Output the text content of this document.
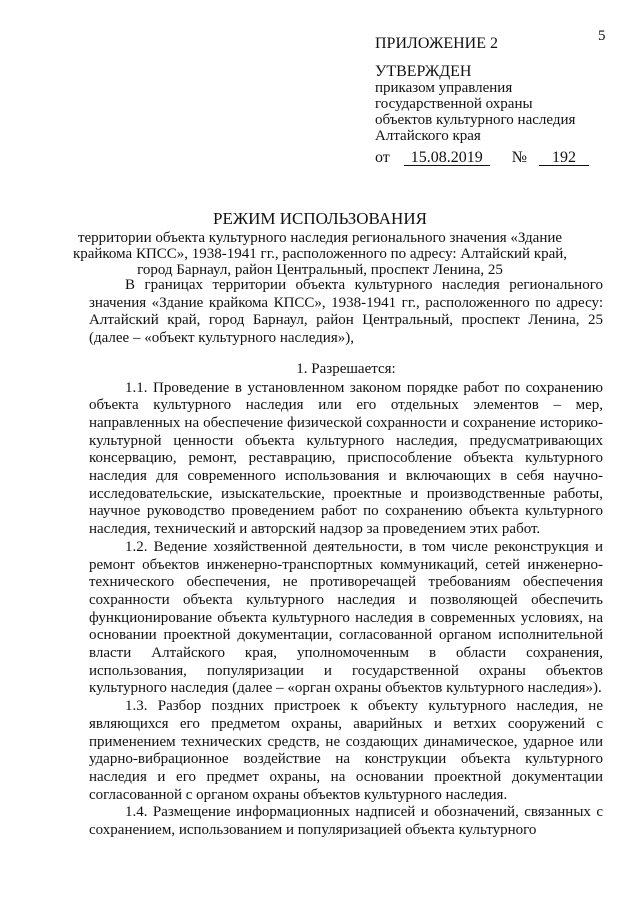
5
ПРИЛОЖЕНИЕ 2
УТВЕРЖДЕН
приказом управления
государственной охраны
объектов культурного наследия
Алтайского края
от 15.08.2019 № 192
РЕЖИМ ИСПОЛЬЗОВАНИЯ
территории объекта культурного наследия регионального значения «Здание крайкома КПСС», 1938-1941 гг., расположенного по адресу: Алтайский край, город Барнаул, район Центральный, проспект Ленина, 25

В границах территории объекта культурного наследия регионального значения «Здание крайкома КПСС», 1938-1941 гг., расположенного по адресу: Алтайский край, город Барнаул, район Центральный, проспект Ленина, 25 (далее – «объект культурного наследия»),

1. Разрешается:

1.1. Проведение в установленном законом порядке работ по сохранению объекта культурного наследия или его отдельных элементов – мер, направленных на обеспечение физической сохранности и сохранение историко-культурной ценности объекта культурного наследия, предусматривающих консервацию, ремонт, реставрацию, приспособление объекта культурного наследия для современного использования и включающих в себя научно-исследовательские, изыскательские, проектные и производственные работы, научное руководство проведением работ по сохранению объекта культурного наследия, технический и авторский надзор за проведением этих работ.

1.2. Ведение хозяйственной деятельности, в том числе реконструкция и ремонт объектов инженерно-транспортных коммуникаций, сетей инженерно-технического обеспечения, не противоречащей требованиям обеспечения сохранности объекта культурного наследия и позволяющей обеспечить функционирование объекта культурного наследия в современных условиях, на основании проектной документации, согласованной органом исполнительной власти Алтайского края, уполномоченным в области сохранения, использования, популяризации и государственной охраны объектов культурного наследия (далее – «орган охраны объектов культурного наследия»).

1.3. Разбор поздних пристроек к объекту культурного наследия, не являющихся его предметом охраны, аварийных и ветхих сооружений с применением технических средств, не создающих динамическое, ударное или ударно-вибрационное воздействие на конструкции объекта культурного наследия и его предмет охраны, на основании проектной документации согласованной с органом охраны объектов культурного наследия.

1.4. Размещение информационных надписей и обозначений, связанных с сохранением, использованием и популяризацией объекта культурного
